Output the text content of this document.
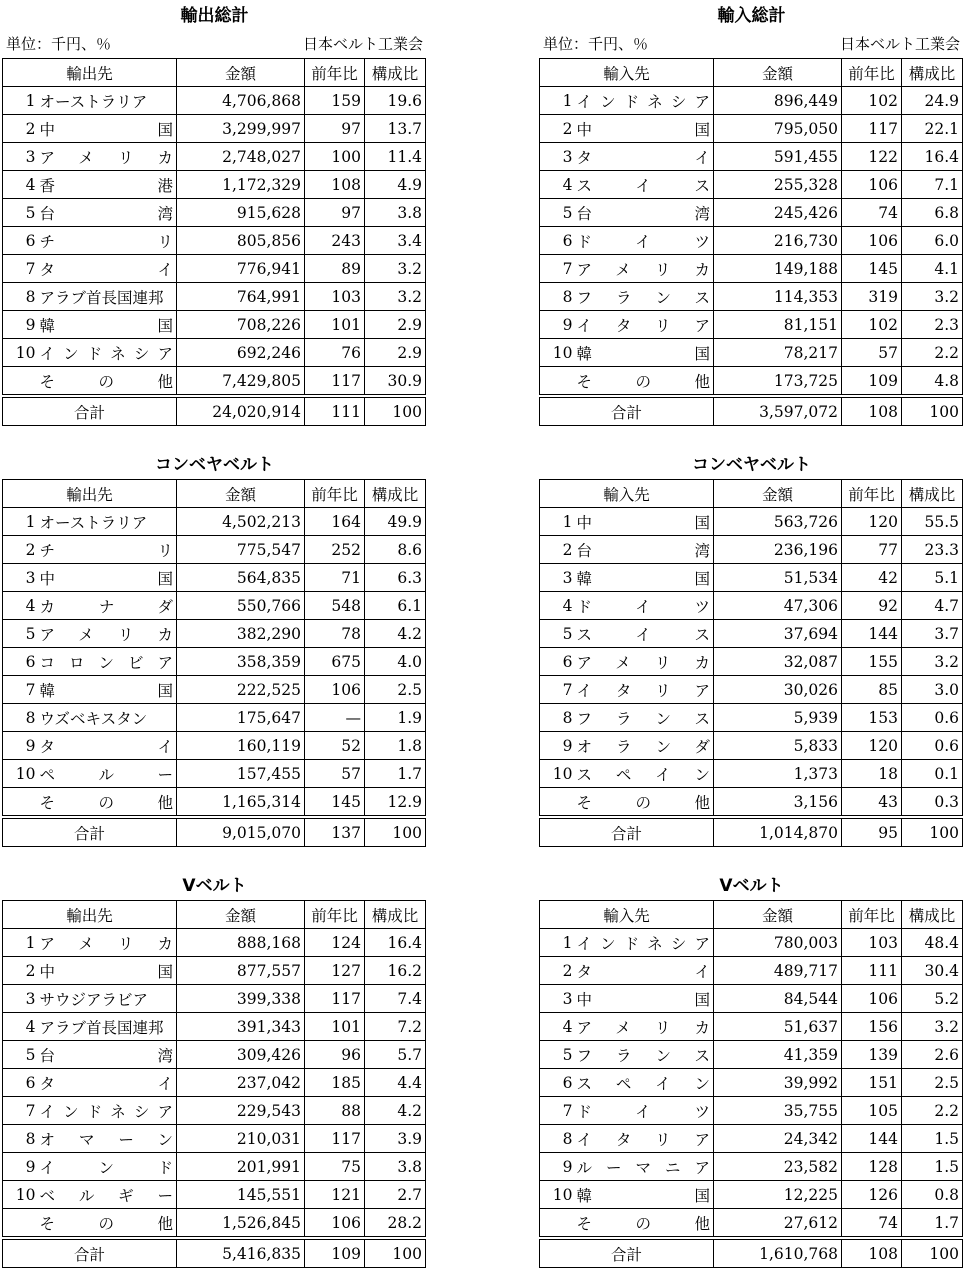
輸出総計
単位：千円、％	日本ベルト工業会
輸出先		金額	前年比	構成比
1	オーストラリア	4,706,868	159	19.6
2	中国	3,299,997	97	13.7
3	アメリカ	2,748,027	100	11.4
4	香港	1,172,329	108	4.9
5	台湾	915,628	97	3.8
6	チリ	805,856	243	3.4
7	タイ	776,941	89	3.2
8	アラブ首長国連邦	764,991	103	3.2
9	韓国	708,226	101	2.9
10	インドネシア	692,246	76	2.9

	その他	7,429,805	117	30.9
合計		24,020,914	111	100
輸入総計
単位：千円、％	日本ベルト工業会
輸入先		金額	前年比	構成比
1	インドネシア	896,449	102	24.9
2	中国	795,050	117	22.1
3	タイ	591,455	122	16.4
4	スイス	255,328	106	7.1
5	台湾	245,426	74	6.8
6	ドイツ	216,730	106	6.0
7	アメリカ	149,188	145	4.1
8	フランス	114,353	319	3.2
9	イタリア	81,151	102	2.3
10	韓国	78,217	57	2.2

	その他	173,725	109	4.8
合計		3,597,072	108	100
コンベヤベルト
輸出先		金額	前年比	構成比
1	オーストラリア	4,502,213	164	49.9
2	チリ	775,547	252	8.6
3	中国	564,835	71	6.3
4	カナダ	550,766	548	6.1
5	アメリカ	382,290	78	4.2
6	コロンビア	358,359	675	4.0
7	韓国	222,525	106	2.5
8	ウズベキスタン	175,647	—	1.9
9	タイ	160,119	52	1.8
10	ペルー	157,455	57	1.7

	その他	1,165,314	145	12.9
合計		9,015,070	137	100
コンベヤベルト
輸入先		金額	前年比	構成比
1	中国	563,726	120	55.5
2	台湾	236,196	77	23.3
3	韓国	51,534	42	5.1
4	ドイツ	47,306	92	4.7
5	スイス	37,694	144	3.7
6	アメリカ	32,087	155	3.2
7	イタリア	30,026	85	3.0
8	フランス	5,939	153	0.6
9	オランダ	5,833	120	0.6
10	スペイン	1,373	18	0.1

	その他	3,156	43	0.3
合計		1,014,870	95	100
Vベルト
輸出先		金額	前年比	構成比
1	アメリカ	888,168	124	16.4
2	中国	877,557	127	16.2
3	サウジアラビア	399,338	117	7.4
4	アラブ首長国連邦	391,343	101	7.2
5	台湾	309,426	96	5.7
6	タイ	237,042	185	4.4
7	インドネシア	229,543	88	4.2
8	オマーン	210,031	117	3.9
9	インド	201,991	75	3.8
10	ベルギー	145,551	121	2.7

	その他	1,526,845	106	28.2
合計		5,416,835	109	100
Vベルト
輸入先		金額	前年比	構成比
1	インドネシア	780,003	103	48.4
2	タイ	489,717	111	30.4
3	中国	84,544	106	5.2
4	アメリカ	51,637	156	3.2
5	フランス	41,359	139	2.6
6	スペイン	39,992	151	2.5
7	ドイツ	35,755	105	2.2
8	イタリア	24,342	144	1.5
9	ルーマニア	23,582	128	1.5
10	韓国	12,225	126	0.8

	その他	27,612	74	1.7
合計		1,610,768	108	100
